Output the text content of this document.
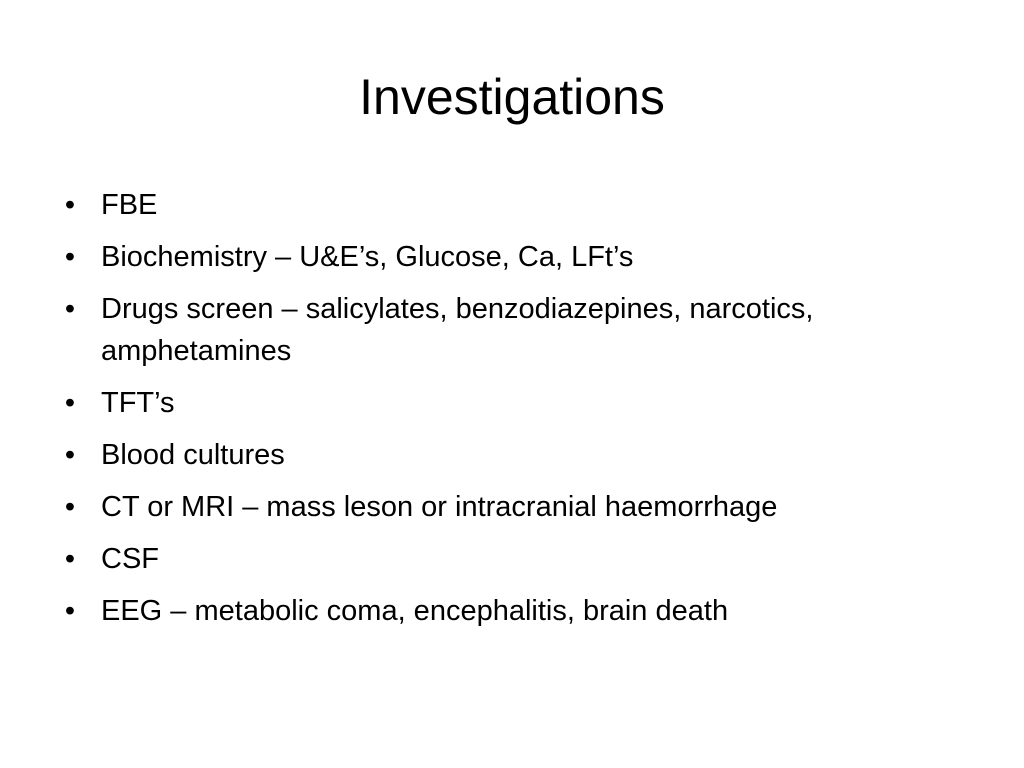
Investigations
• FBE
• Biochemistry – U&E’s, Glucose, Ca, LFt’s
• Drugs screen – salicylates, benzodiazepines, narcotics, amphetamines
• TFT’s
• Blood cultures
• CT or MRI – mass leson or intracranial haemorrhage
• CSF
• EEG – metabolic coma, encephalitis, brain death
